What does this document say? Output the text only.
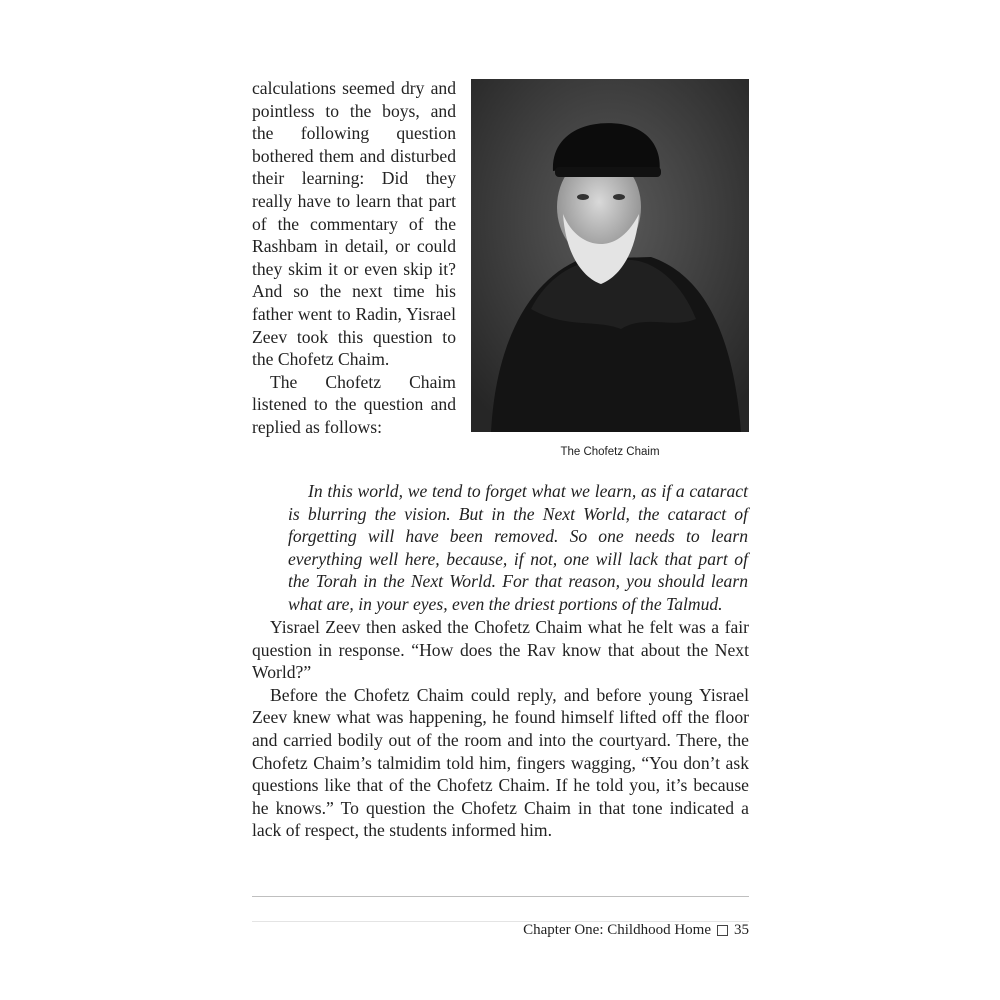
calculations seemed dry and pointless to the boys, and the following question bothered them and disturbed their learning: Did they really have to learn that part of the commentary of the Rashbam in detail, or could they skim it or even skip it? And so the next time his father went to Radin, Yisrael Zeev took this question to the Chofetz Chaim.

The Chofetz Chaim listened to the question and replied as follows:

The Chofetz Chaim

In this world, we tend to forget what we learn, as if a cataract is blurring the vision. But in the Next World, the cataract of forgetting will have been removed. So one needs to learn everything well here, because, if not, one will lack that part of the Torah in the Next World. For that reason, you should learn what are, in your eyes, even the driest portions of the Talmud.

Yisrael Zeev then asked the Chofetz Chaim what he felt was a fair question in response. “How does the Rav know that about the Next World?”

Before the Chofetz Chaim could reply, and before young Yisrael Zeev knew what was happening, he found himself lifted off the floor and carried bodily out of the room and into the courtyard. There, the Chofetz Chaim’s talmidim told him, fingers wagging, “You don’t ask questions like that of the Chofetz Chaim. If he told you, it’s because he knows.” To question the Chofetz Chaim in that tone indicated a lack of respect, the students informed him.

Chapter One: Childhood Home 35
